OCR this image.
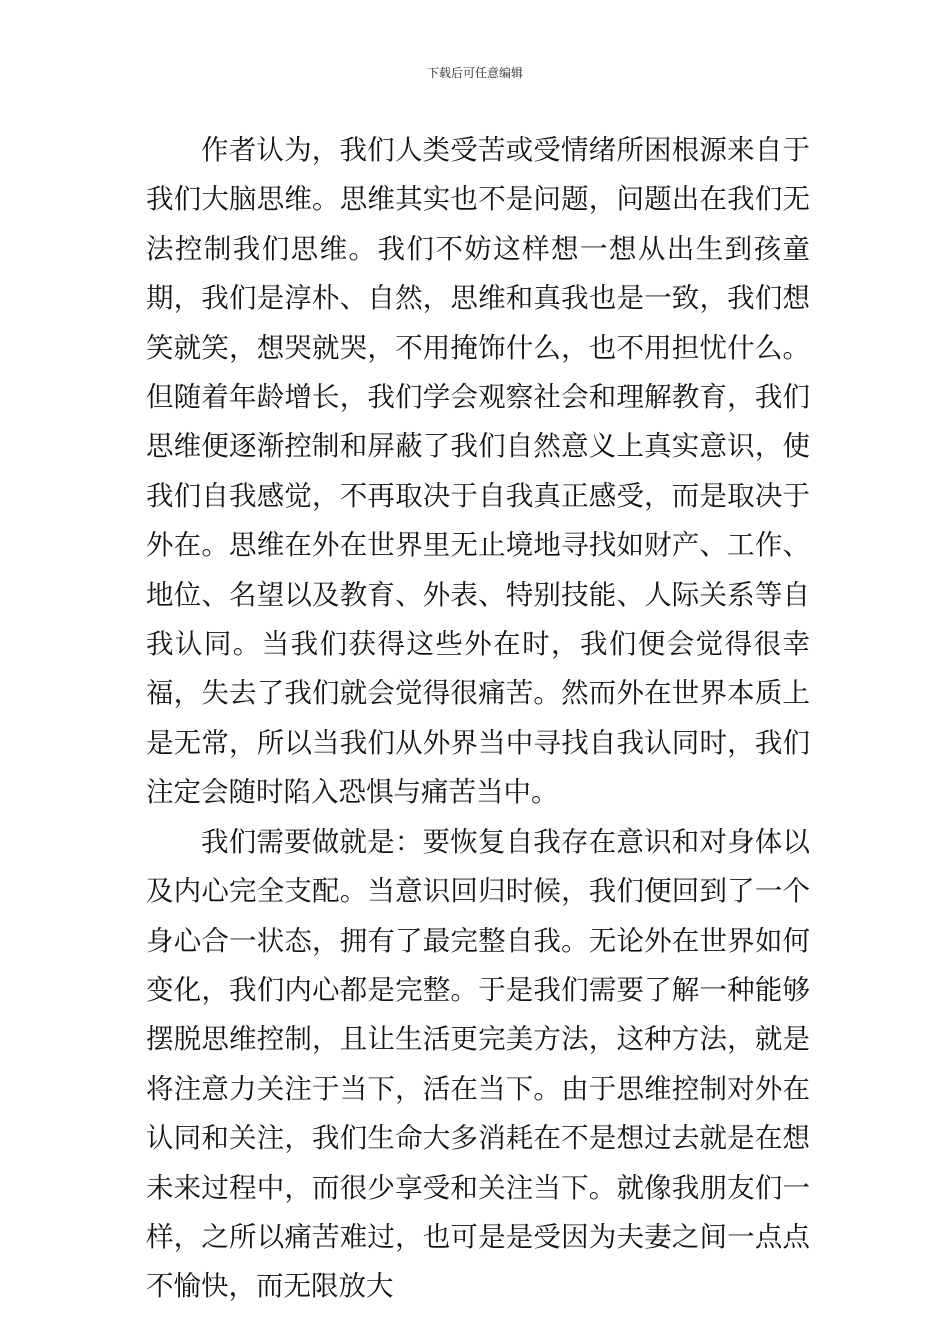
下载后可任意编辑

作者认为，我们人类受苦或受情绪所困根源来自于我们大脑思维。思维其实也不是问题，问题出在我们无法控制我们思维。我们不妨这样想一想从出生到孩童期，我们是淳朴、自然，思维和真我也是一致，我们想笑就笑，想哭就哭，不用掩饰什么，也不用担忧什么。但随着年龄增长，我们学会观察社会和理解教育，我们思维便逐渐控制和屏蔽了我们自然意义上真实意识，使我们自我感觉，不再取决于自我真正感受，而是取决于外在。思维在外在世界里无止境地寻找如财产、工作、地位、名望以及教育、外表、特别技能、人际关系等自我认同。当我们获得这些外在时，我们便会觉得很幸福，失去了我们就会觉得很痛苦。然而外在世界本质上是无常，所以当我们从外界当中寻找自我认同时，我们注定会随时陷入恐惧与痛苦当中。

我们需要做就是：要恢复自我存在意识和对身体以及内心完全支配。当意识回归时候，我们便回到了一个身心合一状态，拥有了最完整自我。无论外在世界如何变化，我们内心都是完整。于是我们需要了解一种能够摆脱思维控制，且让生活更完美方法，这种方法，就是将注意力关注于当下，活在当下。由于思维控制对外在认同和关注，我们生命大多消耗在不是想过去就是在想未来过程中，而很少享受和关注当下。就像我朋友们一样，之所以痛苦难过，也可是是受因为夫妻之间一点点不愉快，而无限放大
